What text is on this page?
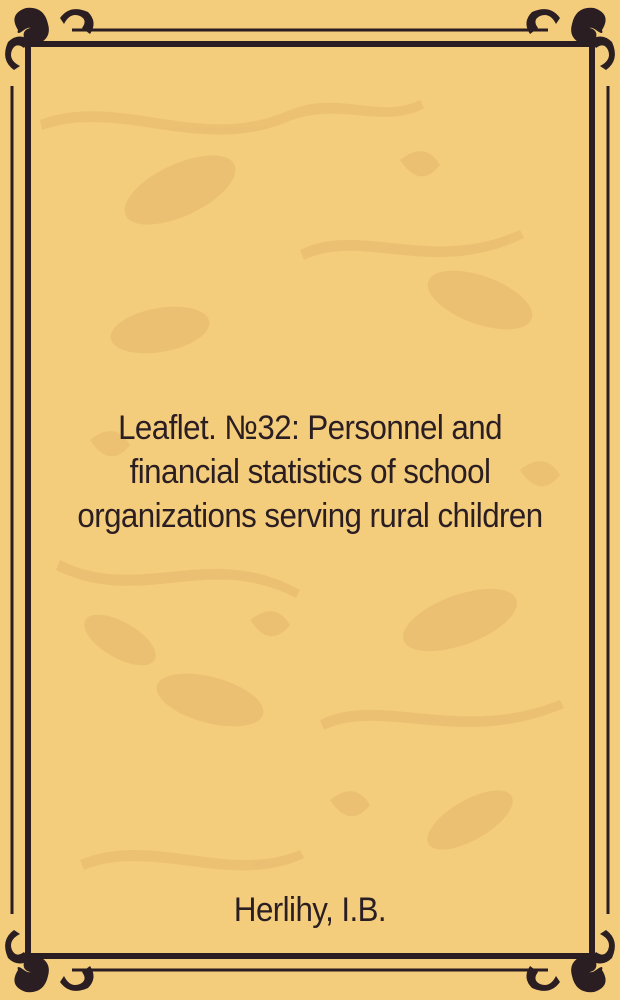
Leaflet. №32: Personnel and financial statistics of school organizations serving rural children

Herlihy, I.B.
